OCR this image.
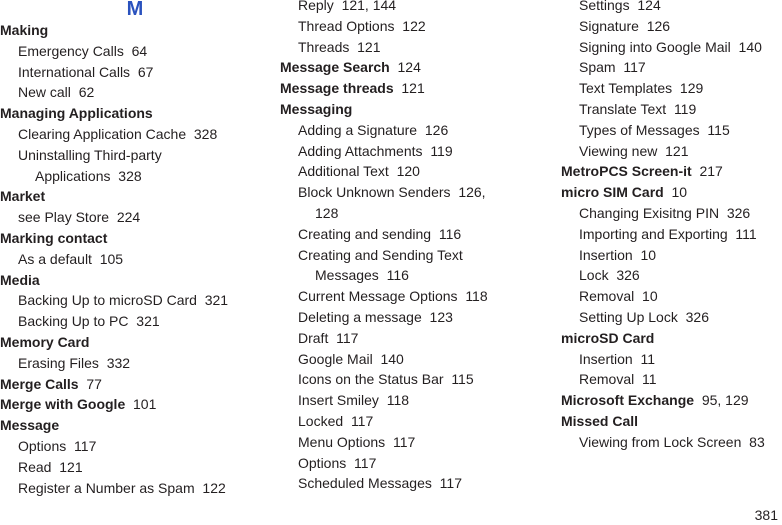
M
Making
Emergency Calls 64
International Calls 67
New call 62
Managing Applications
Clearing Application Cache 328
Uninstalling Third-party
Applications 328
Market
see Play Store 224
Marking contact
As a default 105
Media
Backing Up to microSD Card 321
Backing Up to PC 321
Memory Card
Erasing Files 332
Merge Calls 77
Merge with Google 101
Message
Options 117
Read 121
Register a Number as Spam 122
Reply 121, 144
Thread Options 122
Threads 121
Message Search 124
Message threads 121
Messaging
Adding a Signature 126
Adding Attachments 119
Additional Text 120
Block Unknown Senders 126,
128
Creating and sending 116
Creating and Sending Text
Messages 116
Current Message Options 118
Deleting a message 123
Draft 117
Google Mail 140
Icons on the Status Bar 115
Insert Smiley 118
Locked 117
Menu Options 117
Options 117
Scheduled Messages 117
Settings 124
Signature 126
Signing into Google Mail 140
Spam 117
Text Templates 129
Translate Text 119
Types of Messages 115
Viewing new 121
MetroPCS Screen-it 217
micro SIM Card 10
Changing Exisitng PIN 326
Importing and Exporting 111
Insertion 10
Lock 326
Removal 10
Setting Up Lock 326
microSD Card
Insertion 11
Removal 11
Microsoft Exchange 95, 129
Missed Call
Viewing from Lock Screen 83
381
